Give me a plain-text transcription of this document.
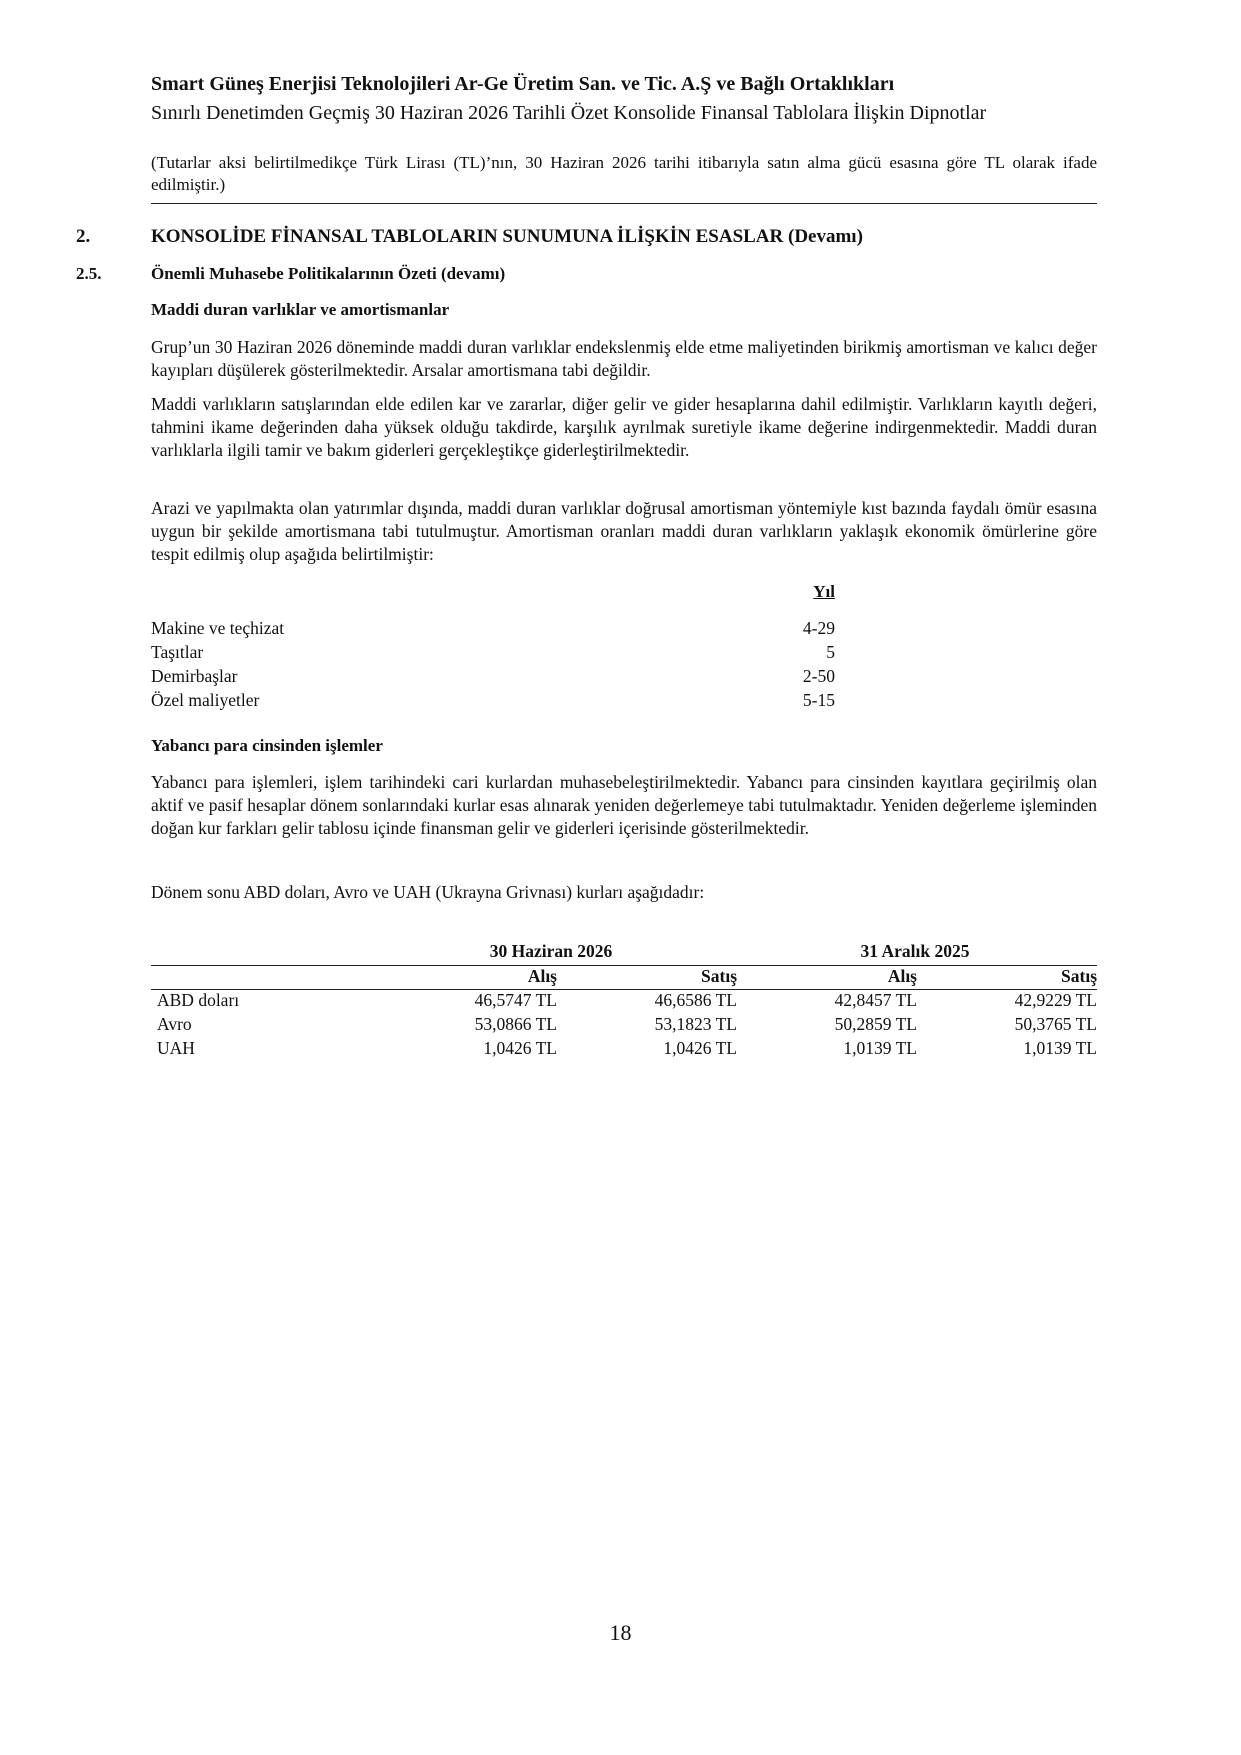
Smart Güneş Enerjisi Teknolojileri Ar-Ge Üretim San. ve Tic. A.Ş ve Bağlı Ortaklıkları
Sınırlı Denetimden Geçmiş 30 Haziran 2026 Tarihli Özet Konsolide Finansal Tablolara İlişkin Dipnotlar
(Tutarlar aksi belirtilmedikçe Türk Lirası (TL)’nın, 30 Haziran 2026 tarihi itibarıyla satın alma gücü esasına göre TL olarak ifade edilmiştir.)
2.	KONSOLİDE FİNANSAL TABLOLARIN SUNUMUNA İLİŞKİN ESASLAR (Devamı)
2.5.	Önemli Muhasebe Politikalarının Özeti (devamı)
Maddi duran varlıklar ve amortismanlar

Grup’un 30 Haziran 2026 döneminde maddi duran varlıklar endekslenmiş elde etme maliyetinden birikmiş amortisman ve kalıcı değer kayıpları düşülerek gösterilmektedir. Arsalar amortismana tabi değildir.

Maddi varlıkların satışlarından elde edilen kar ve zararlar, diğer gelir ve gider hesaplarına dahil edilmiştir. Varlıkların kayıtlı değeri, tahmini ikame değerinden daha yüksek olduğu takdirde, karşılık ayrılmak suretiyle ikame değerine indirgenmektedir. Maddi duran varlıklarla ilgili tamir ve bakım giderleri gerçekleştikçe giderleştirilmektedir.

Arazi ve yapılmakta olan yatırımlar dışında, maddi duran varlıklar doğrusal amortisman yöntemiyle kıst bazında faydalı ömür esasına uygun bir şekilde amortismana tabi tutulmuştur. Amortisman oranları maddi duran varlıkların yaklaşık ekonomik ömürlerine göre tespit edilmiş olup aşağıda belirtilmiştir:

Yıl
Makine ve teçhizat	4-29
Taşıtlar	5
Demirbaşlar	2-50
Özel maliyetler	5-15
Yabancı para cinsinden işlemler

Yabancı para işlemleri, işlem tarihindeki cari kurlardan muhasebeleştirilmektedir. Yabancı para cinsinden kayıtlara geçirilmiş olan aktif ve pasif hesaplar dönem sonlarındaki kurlar esas alınarak yeniden değerlemeye tabi tutulmaktadır. Yeniden değerleme işleminden doğan kur farkları gelir tablosu içinde finansman gelir ve giderleri içerisinde gösterilmektedir.

Dönem sonu ABD doları, Avro ve UAH (Ukrayna Grivnası) kurları aşağıdadır:

30 Haziran 2026	31 Aralık 2025
Alış	Satış	Alış	Satış
ABD doları	46,5747 TL	46,6586 TL	42,8457 TL	42,9229 TL
Avro	53,0866 TL	53,1823 TL	50,2859 TL	50,3765 TL
UAH	1,0426 TL	1,0426 TL	1,0139 TL	1,0139 TL
18
